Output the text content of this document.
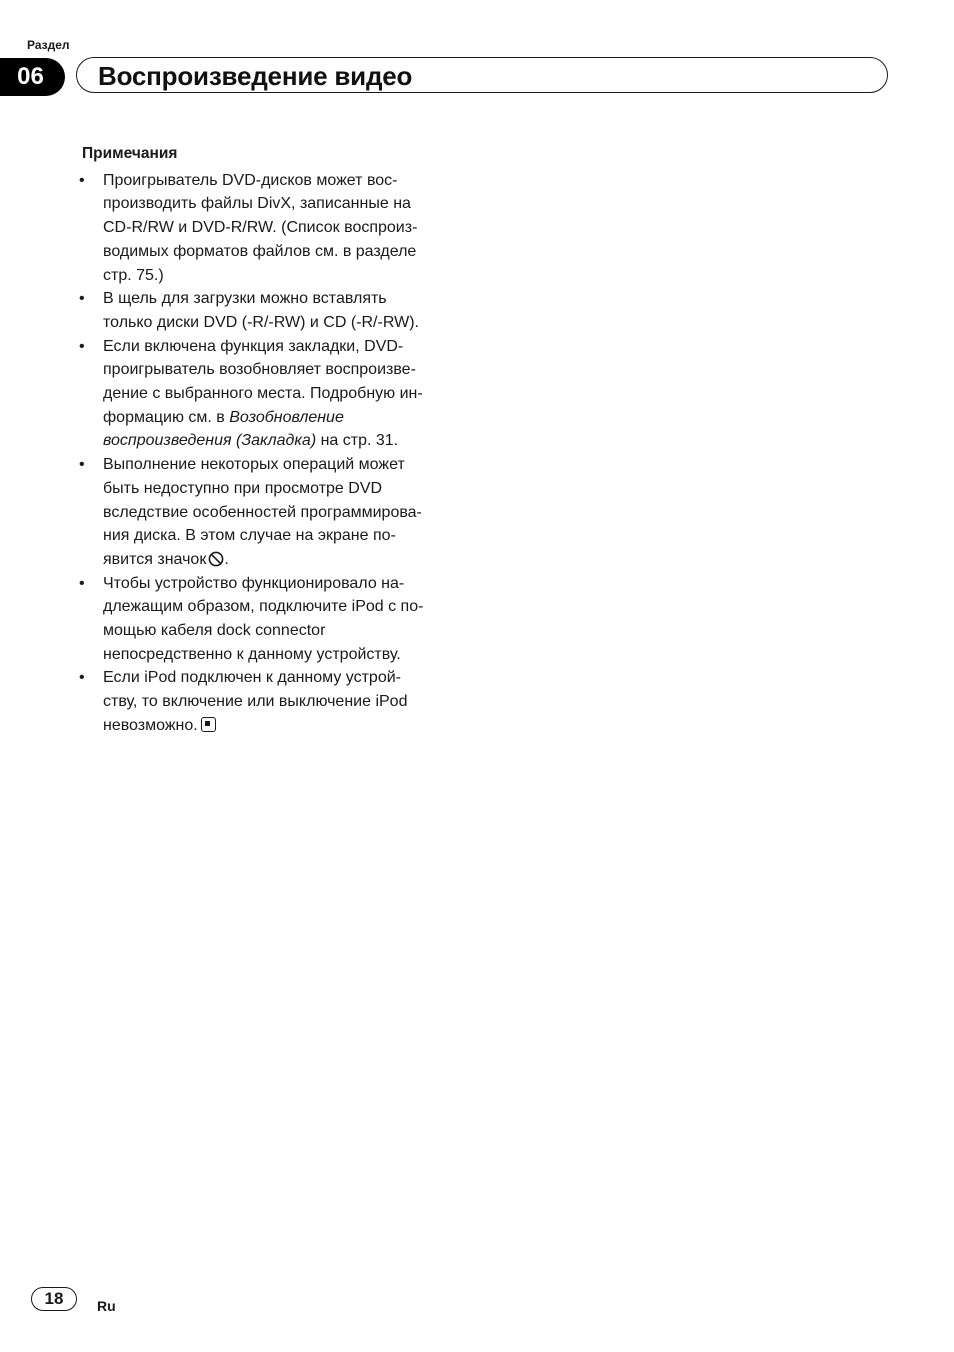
Раздел
06	Воспроизведение видео
Примечания
• Проигрыватель DVD-дисков может вос-
производить файлы DivX, записанные на
CD-R/RW и DVD-R/RW. (Список воспроиз-
водимых форматов файлов см. в разделе
стр. 75.)
• В щель для загрузки можно вставлять
только диски DVD (-R/-RW) и CD (-R/-RW).
• Если включена функция закладки, DVD-
проигрыватель возобновляет воспроизве-
дение с выбранного места. Подробную ин-
формацию см. в Возобновление
воспроизведения (Закладка) на стр. 31.
• Выполнение некоторых операций может
быть недоступно при просмотре DVD
вследствие особенностей программирова-
ния диска. В этом случае на экране по-
явится значок .
• Чтобы устройство функционировало на-
длежащим образом, подключите iPod с по-
мощью кабеля dock connector
непосредственно к данному устройству.
• Если iPod подключен к данному устрой-
ству, то включение или выключение iPod
невозможно.
18	Ru
